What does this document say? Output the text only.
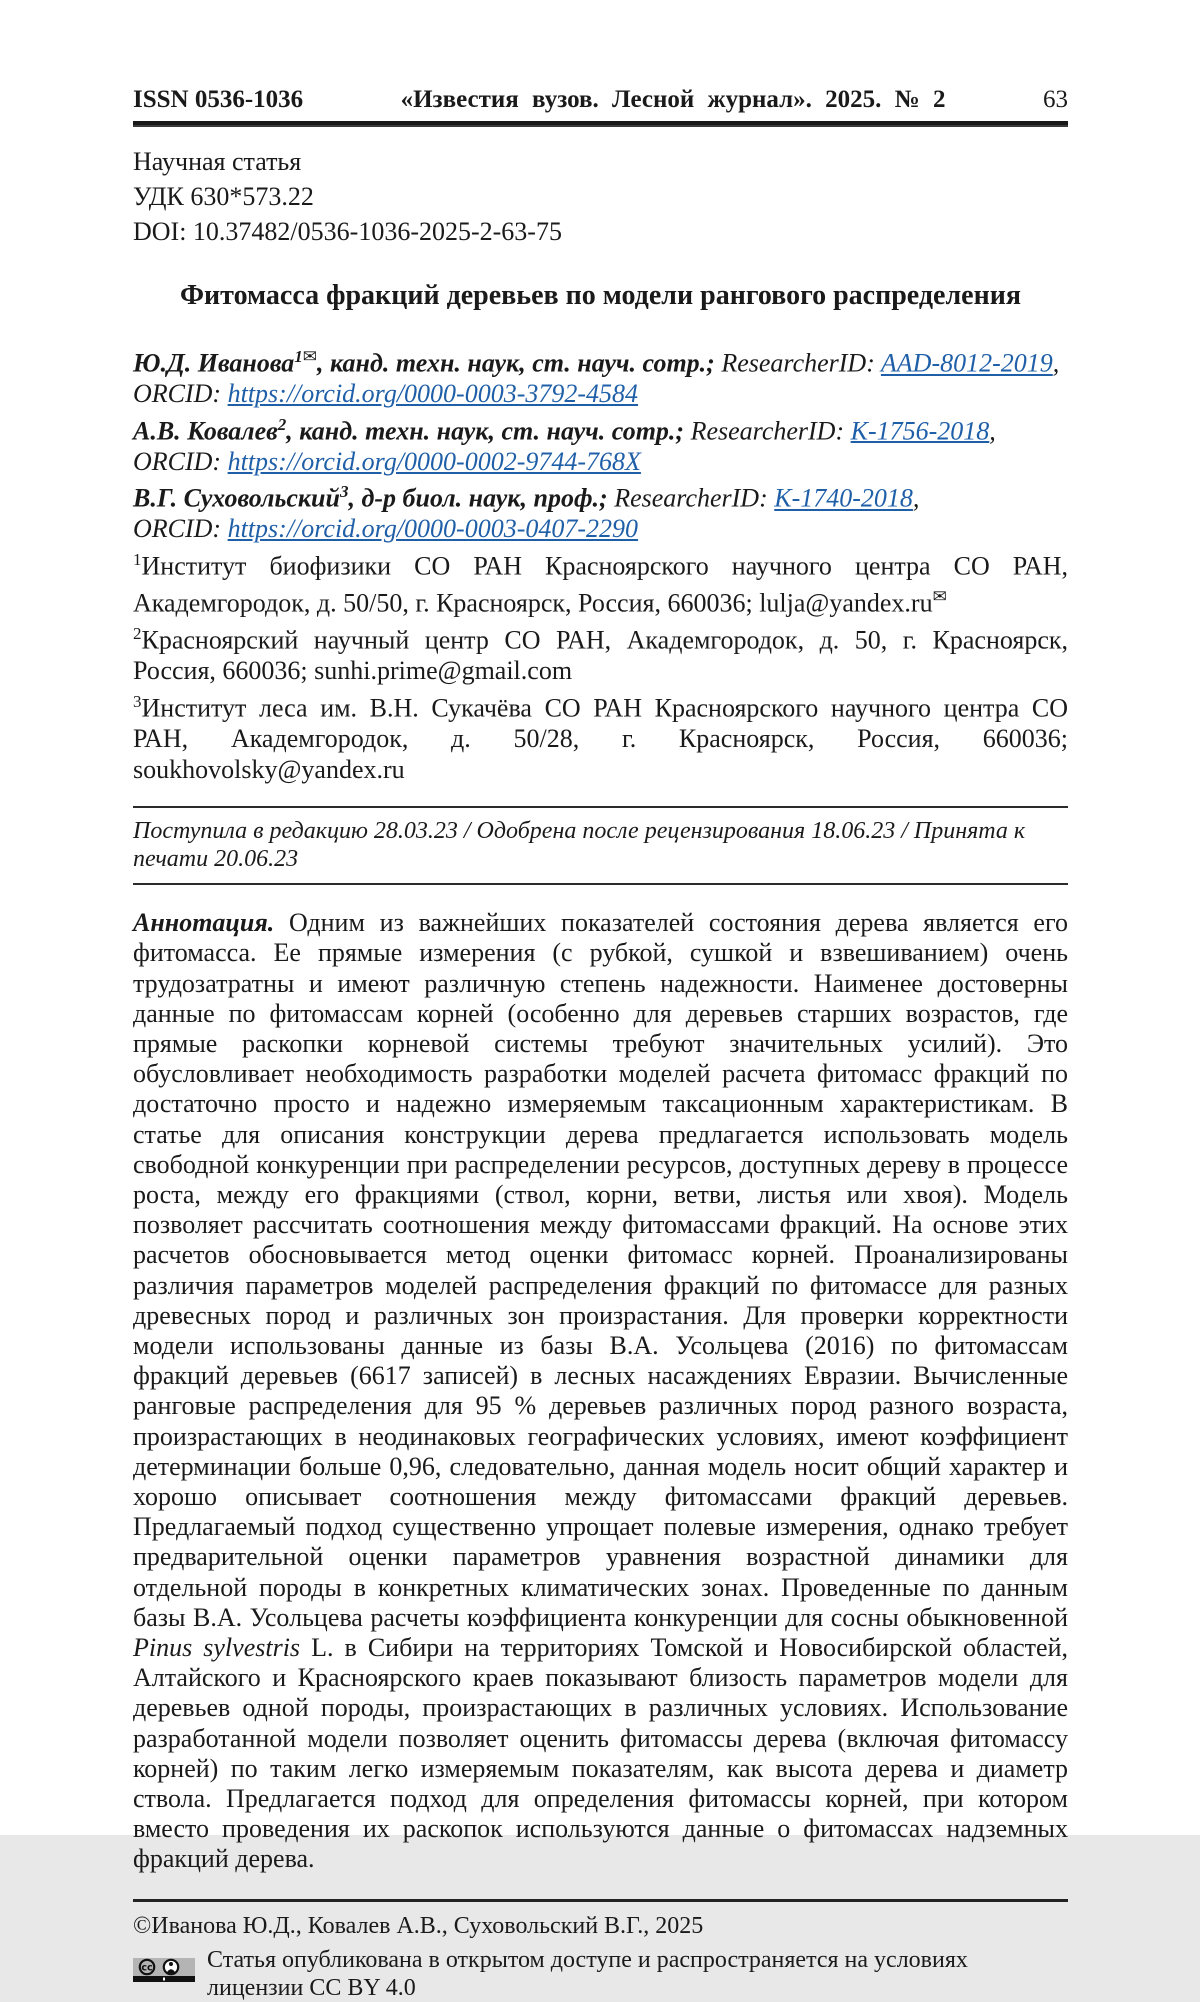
ISSN 0536-1036	«Известия вузов. Лесной журнал». 2025. № 2	63
Научная статья
УДК 630*573.22
DOI: 10.37482/0536-1036-2025-2-63-75
Фитомасса фракций деревьев по модели рангового распределения
Ю.Д. Иванова$^{1✉}$, канд. техн. наук, ст. науч. сотр.; ResearcherID: AAD-8012-2019,
ORCID: https://orcid.org/0000-0003-3792-4584
А.В. Ковалев$^2$, канд. техн. наук, ст. науч. сотр.; ResearcherID: K-1756-2018,
ORCID: https://orcid.org/0000-0002-9744-768X
В.Г. Суховольский$^3$, д-р биол. наук, проф.; ResearcherID: K-1740-2018,
ORCID: https://orcid.org/0000-0003-0407-2290
$^1$Институт биофизики СО РАН Красноярского научного центра СО РАН, Академгородок, д. 50/50, г. Красноярск, Россия, 660036; lulja@yandex.ru✉
$^2$Красноярский научный центр СО РАН, Академгородок, д. 50, г. Красноярск, Россия, 660036; sunhi.prime@gmail.com
$^3$Институт леса им. В.Н. Сукачёва СО РАН Красноярского научного центра СО РАН, Академгородок, д. 50/28, г. Красноярск, Россия, 660036; soukhovolsky@yandex.ru
Поступила в редакцию 28.03.23 / Одобрена после рецензирования 18.06.23 / Принята к печати 20.06.23

Аннотация. Одним из важнейших показателей состояния дерева является его фитомасса. Ее прямые измерения (с рубкой, сушкой и взвешиванием) очень трудозатратны и имеют различную степень надежности. Наименее достоверны данные по фитомассам корней (особенно для деревьев старших возрастов, где прямые раскопки корневой системы требуют значительных усилий). Это обусловливает необходимость разработки моделей расчета фитомасс фракций по достаточно просто и надежно измеряемым таксационным характеристикам. В статье для описания конструкции дерева предлагается использовать модель свободной конкуренции при распределении ресурсов, доступных дереву в процессе роста, между его фракциями (ствол, корни, ветви, листья или хвоя). Модель позволяет рассчитать соотношения между фитомассами фракций. На основе этих расчетов обосновывается метод оценки фитомасс корней. Проанализированы различия параметров моделей распределения фракций по фитомассе для разных древесных пород и различных зон произрастания. Для проверки корректности модели использованы данные из базы В.А. Усольцева (2016) по фитомассам фракций деревьев (6617 записей) в лесных насаждениях Евразии. Вычисленные ранговые распределения для 95 % деревьев различных пород разного возраста, произрастающих в неодинаковых географических условиях, имеют коэффициент детерминации больше 0,96, следовательно, данная модель носит общий характер и хорошо описывает соотношения между фитомассами фракций деревьев. Предлагаемый подход существенно упрощает полевые измерения, однако требует предварительной оценки параметров уравнения возрастной динамики для отдельной породы в конкретных климатических зонах. Проведенные по данным базы В.А. Усольцева расчеты коэффициента конкуренции для сосны обыкновенной Pinus sylvestris L. в Сибири на территориях Томской и Новосибирской областей, Алтайского и Красноярского краев показывают близость параметров модели для деревьев одной породы, произрастающих в различных условиях. Использование разработанной модели позволяет оценить фитомассы дерева (включая фитомассу корней) по таким легко измеряемым показателям, как высота дерева и диаметр ствола. Предлагается подход для определения фитомассы корней, при котором вместо проведения их раскопок используются данные о фитомассах надземных фракций дерева.

©Иванова Ю.Д., Ковалев А.В., Суховольский В.Г., 2025
cc Статья опубликована в открытом доступе и распространяется на условиях лицензии CC BY 4.0
